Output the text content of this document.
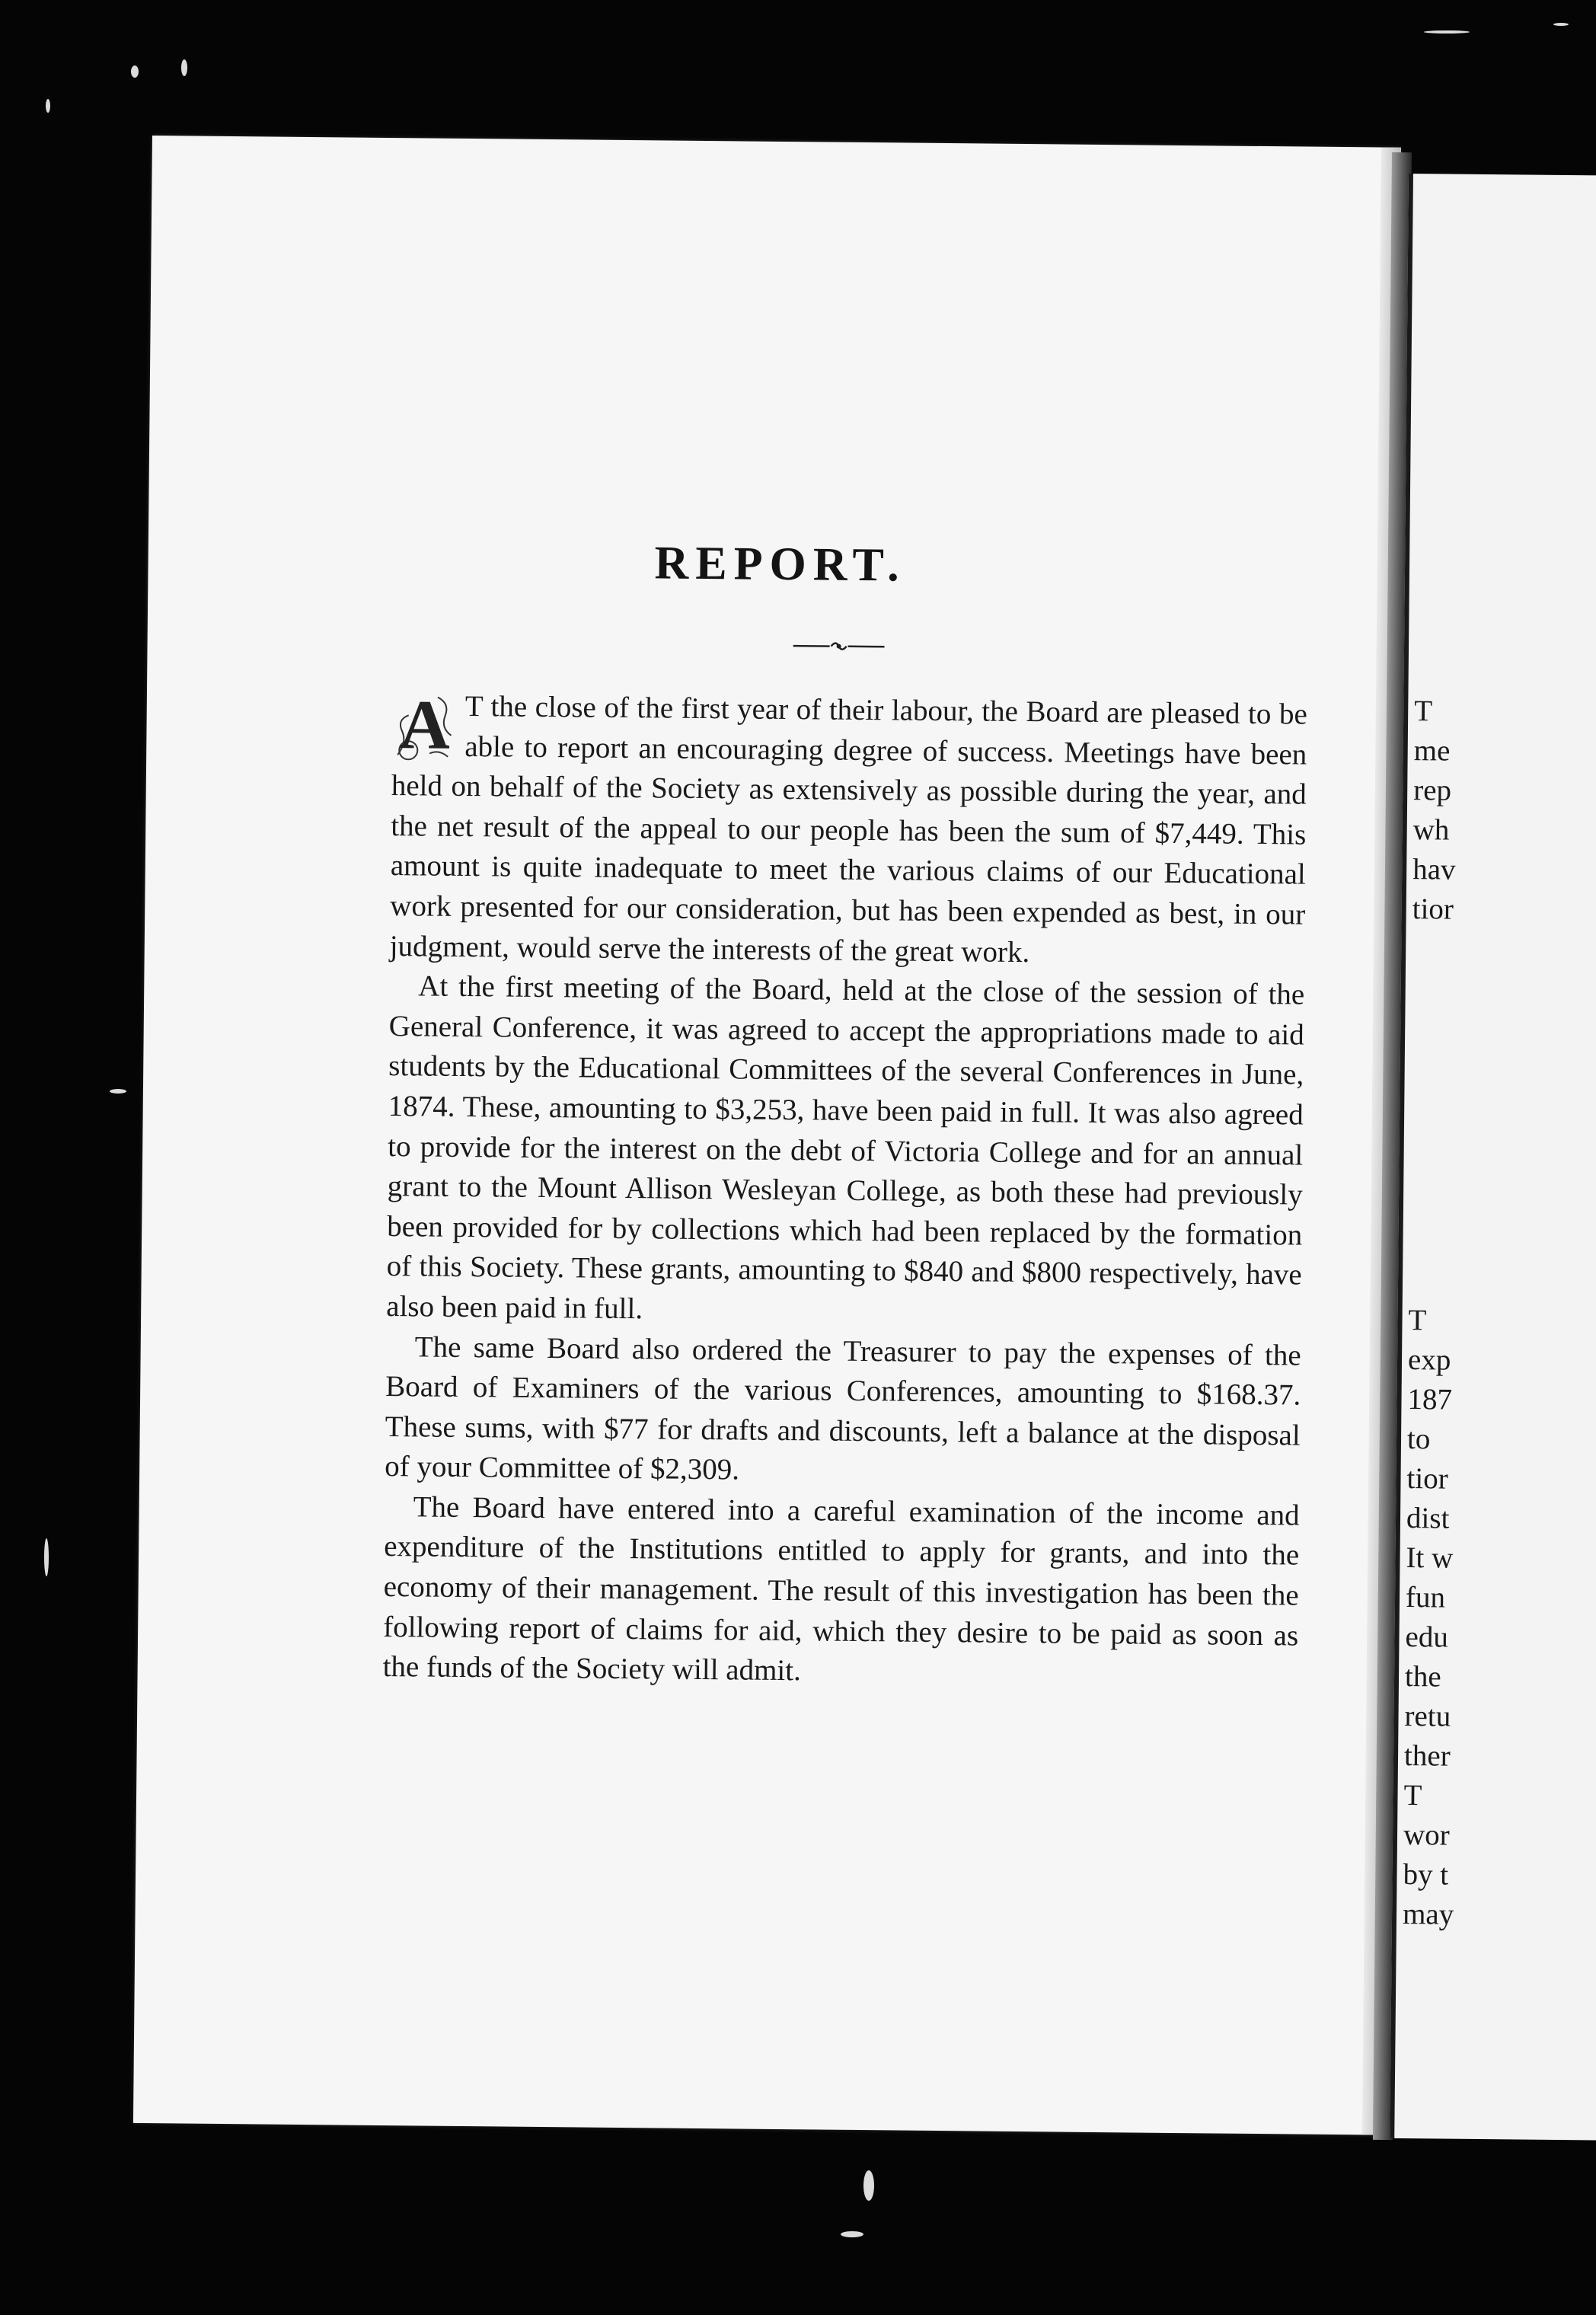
REPORT.

A T the close of the first year of their labour, the Board are pleased to be able to report an encouraging degree of success. Meetings have been held on behalf of the Society as extensively as possible during the year, and the net result of the appeal to our people has been the sum of $7,449. This amount is quite inadequate to meet the various claims of our Educational work presented for our consideration, but has been expended as best, in our judgment, would serve the interests of the great work.

At the first meeting of the Board, held at the close of the session of the General Conference, it was agreed to accept the appropriations made to aid students by the Educational Committees of the several Conferences in June, 1874. These, amounting to $3,253, have been paid in full. It was also agreed to provide for the interest on the debt of Victoria College and for an annual grant to the Mount Allison Wesleyan College, as both these had previously been provided for by collections which had been replaced by the formation of this Society. These grants, amounting to $840 and $800 respectively, have also been paid in full.

The same Board also ordered the Treasurer to pay the expenses of the Board of Examiners of the various Conferences, amounting to $168.37. These sums, with $77 for drafts and discounts, left a balance at the disposal of your Committee of $2,309.

The Board have entered into a careful examination of the income and expenditure of the Institutions entitled to apply for grants, and into the economy of their management. The result of this investigation has been the following report of claims for aid, which they desire to be paid as soon as the funds of the Society will admit.

T
me
rep
wh
hav
tior
T
exp
187
to
tior
dist
It w
fun
edu
the
retu
ther
T
wor
by t
may
